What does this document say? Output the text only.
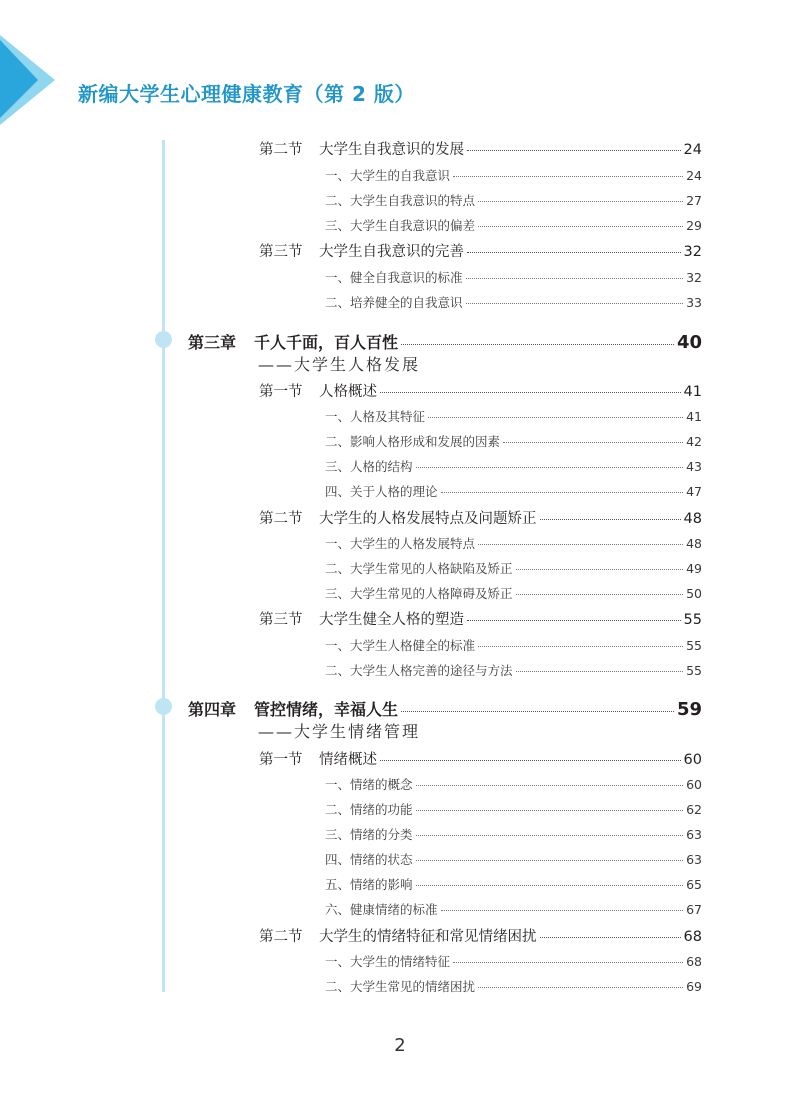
新编大学生心理健康教育（第 2 版）
第二节	大学生自我意识的发展	24
一、大学生的自我意识	24
二、大学生自我意识的特点	27
三、大学生自我意识的偏差	29
第三节	大学生自我意识的完善	32
一、健全自我意识的标准	32
二、培养健全的自我意识	33
第三章	千人千面，百人百性	40
——大学生人格发展
第一节	人格概述	41
一、人格及其特征	41
二、影响人格形成和发展的因素	42
三、人格的结构	43
四、关于人格的理论	47
第二节	大学生的人格发展特点及问题矫正	48
一、大学生的人格发展特点	48
二、大学生常见的人格缺陷及矫正	49
三、大学生常见的人格障碍及矫正	50
第三节	大学生健全人格的塑造	55
一、大学生人格健全的标准	55
二、大学生人格完善的途径与方法	55
第四章	管控情绪，幸福人生	59
——大学生情绪管理
第一节	情绪概述	60
一、情绪的概念	60
二、情绪的功能	62
三、情绪的分类	63
四、情绪的状态	63
五、情绪的影响	65
六、健康情绪的标准	67
第二节	大学生的情绪特征和常见情绪困扰	68
一、大学生的情绪特征	68
二、大学生常见的情绪困扰	69
2
